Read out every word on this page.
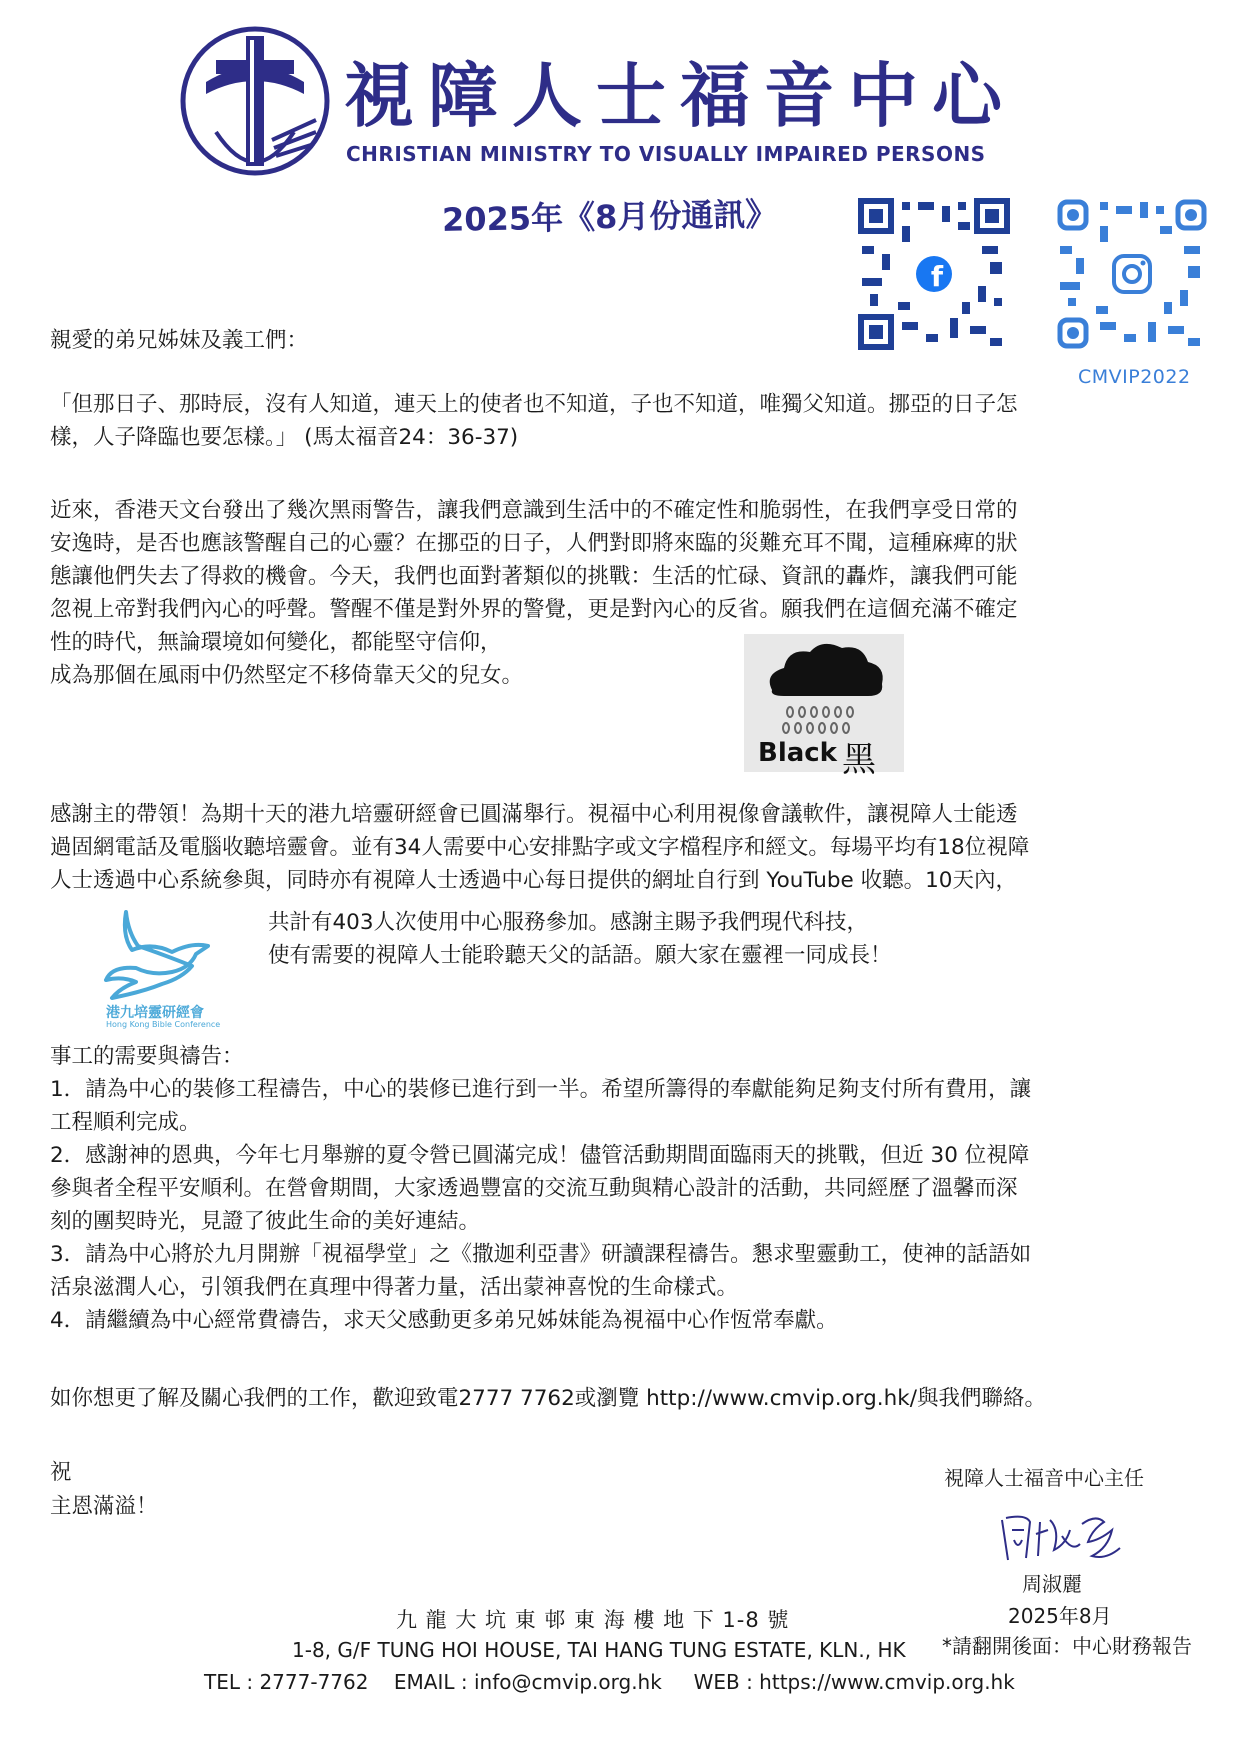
視障人士福音中心
CHRISTIAN MINISTRY TO VISUALLY IMPAIRED PERSONS
2025年《8月份通訊》
f
CMVIP2022
親愛的弟兄姊妹及義工們：
「但那日子、那時辰，沒有人知道，連天上的使者也不知道，子也不知道，唯獨父知道。挪亞的日子怎
樣，人子降臨也要怎樣。」 (馬太福音24：36-37)
近來，香港天文台發出了幾次黑雨警告，讓我們意識到生活中的不確定性和脆弱性，在我們享受日常的
安逸時，是否也應該警醒自己的心靈？在挪亞的日子，人們對即將來臨的災難充耳不聞，這種麻痺的狀
態讓他們失去了得救的機會。今天，我們也面對著類似的挑戰：生活的忙碌、資訊的轟炸，讓我們可能
忽視上帝對我們內心的呼聲。警醒不僅是對外界的警覺，更是對內心的反省。願我們在這個充滿不確定
性的時代，無論環境如何變化，都能堅守信仰，
成為那個在風雨中仍然堅定不移倚靠天父的兒女。
Black 黑
感謝主的帶領！為期十天的港九培靈研經會已圓滿舉行。視福中心利用視像會議軟件，讓視障人士能透
過固網電話及電腦收聽培靈會。並有34人需要中心安排點字或文字檔程序和經文。每場平均有18位視障
人士透過中心系統參與，同時亦有視障人士透過中心每日提供的網址自行到 YouTube 收聽。10天內，
共計有403人次使用中心服務參加。感謝主賜予我們現代科技，
使有需要的視障人士能聆聽天父的話語。願大家在靈裡一同成長！
港九培靈研經會
Hong Kong Bible Conference
事工的需要與禱告：
1．請為中心的裝修工程禱告，中心的裝修已進行到一半。希望所籌得的奉獻能夠足夠支付所有費用，讓
工程順利完成。
2．感謝神的恩典，今年七月舉辦的夏令營已圓滿完成！儘管活動期間面臨雨天的挑戰，但近 30 位視障
參與者全程平安順利。在營會期間，大家透過豐富的交流互動與精心設計的活動，共同經歷了溫馨而深
刻的團契時光，見證了彼此生命的美好連結。
3．請為中心將於九月開辦「視福學堂」之《撒迦利亞書》研讀課程禱告。懇求聖靈動工，使神的話語如
活泉滋潤人心，引領我們在真理中得著力量，活出蒙神喜悅的生命樣式。
4．請繼續為中心經常費禱告，求天父感動更多弟兄姊妹能為視福中心作恆常奉獻。
如你想更了解及關心我們的工作，歡迎致電2777 7762或瀏覽 http://www.cmvip.org.hk/與我們聯絡。
祝
主恩滿溢！
視障人士福音中心主任
周淑麗
2025年8月
*請翻開後面：中心財務報告
九 龍 大 坑 東 邨 東 海 樓 地 下 1-8 號
1-8, G/F TUNG HOI HOUSE, TAI HANG TUNG ESTATE, KLN., HK
TEL : 2777-7762    EMAIL : info@cmvip.org.hk     WEB : https://www.cmvip.org.hk
